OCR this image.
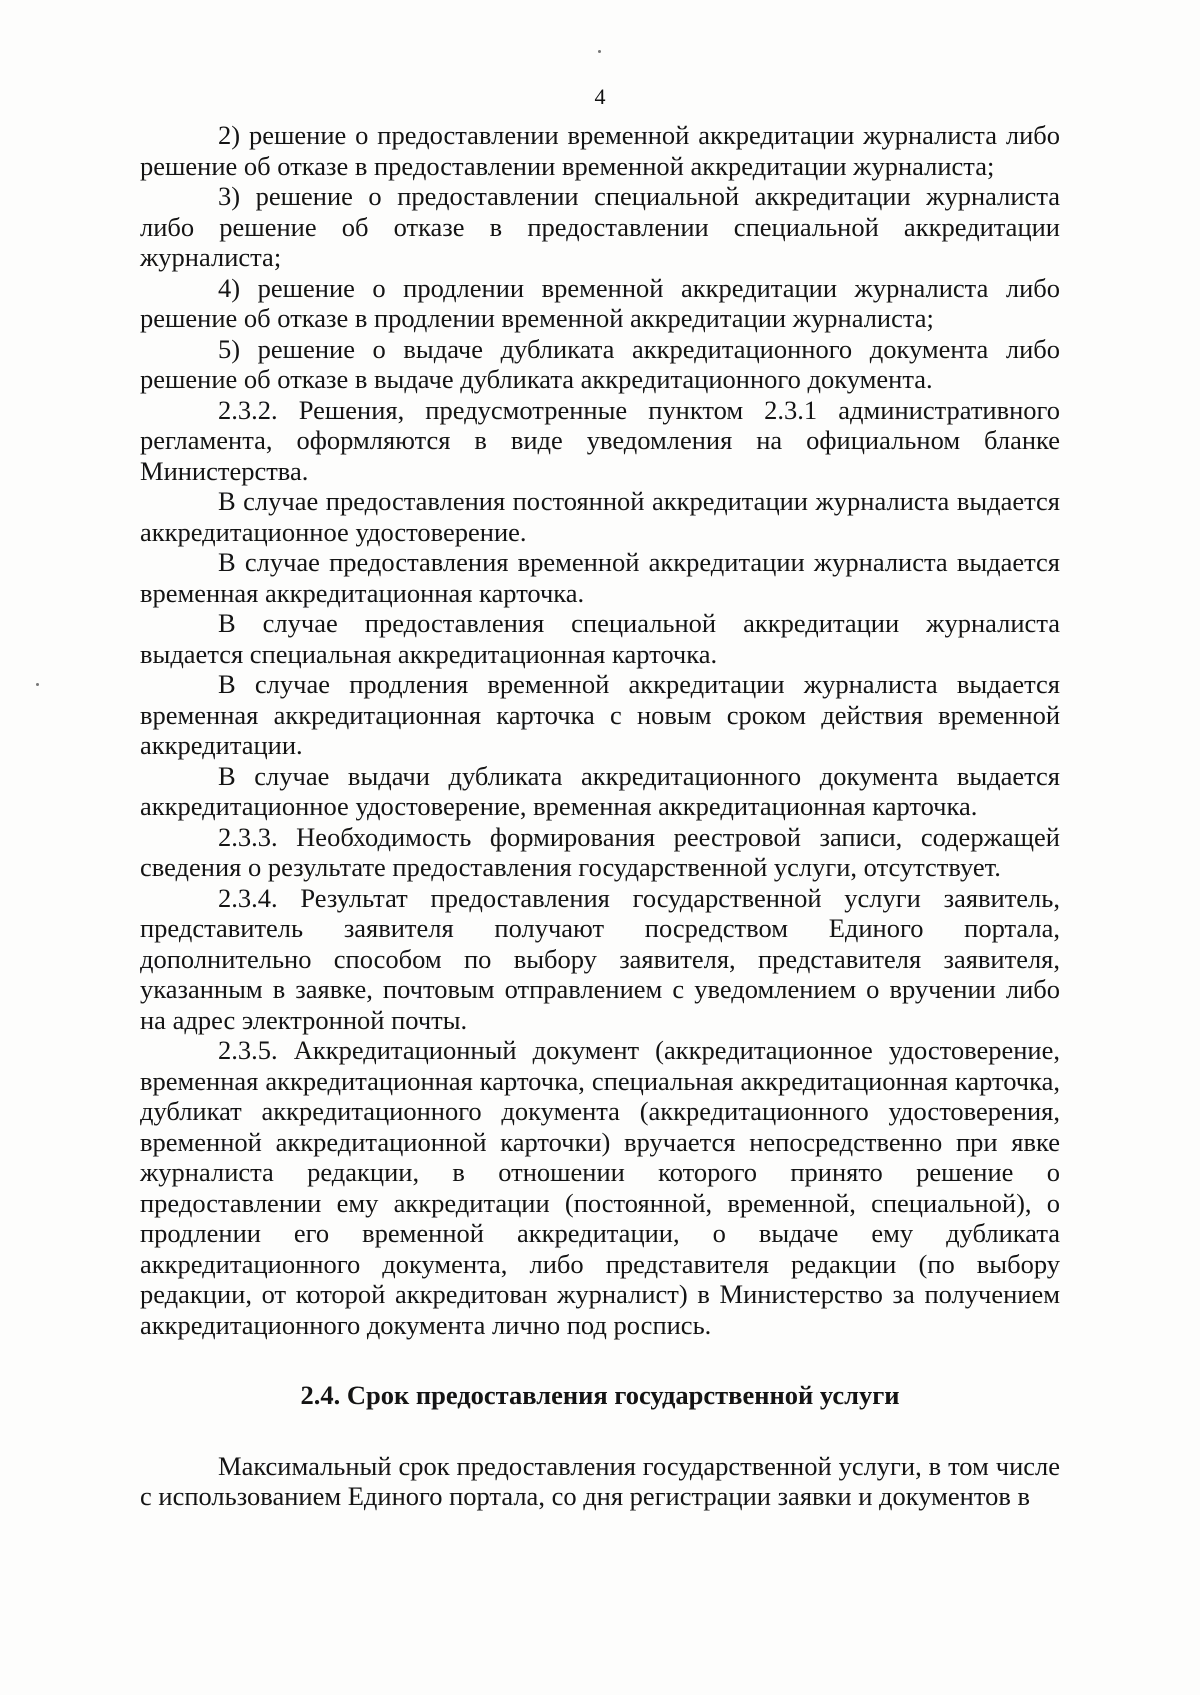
4

2) решение о предоставлении временной аккредитации журналиста либо решение об отказе в предоставлении временной аккредитации журналиста;

3) решение о предоставлении специальной аккредитации журналиста либо решение об отказе в предоставлении специальной аккредитации журналиста;

4) решение о продлении временной аккредитации журналиста либо решение об отказе в продлении временной аккредитации журналиста;

5) решение о выдаче дубликата аккредитационного документа либо решение об отказе в выдаче дубликата аккредитационного документа.

2.3.2. Решения, предусмотренные пунктом 2.3.1 административного регламента, оформляются в виде уведомления на официальном бланке Министерства.

В случае предоставления постоянной аккредитации журналиста выдается аккредитационное удостоверение.

В случае предоставления временной аккредитации журналиста выдается временная аккредитационная карточка.

В случае предоставления специальной аккредитации журналиста выдается специальная аккредитационная карточка.

В случае продления временной аккредитации журналиста выдается временная аккредитационная карточка с новым сроком действия временной аккредитации.

В случае выдачи дубликата аккредитационного документа выдается аккредитационное удостоверение, временная аккредитационная карточка.

2.3.3. Необходимость формирования реестровой записи, содержащей сведения о результате предоставления государственной услуги, отсутствует.

2.3.4. Результат предоставления государственной услуги заявитель, представитель заявителя получают посредством Единого портала, дополнительно способом по выбору заявителя, представителя заявителя, указанным в заявке, почтовым отправлением с уведомлением о вручении либо на адрес электронной почты.

2.3.5. Аккредитационный документ (аккредитационное удостоверение, временная аккредитационная карточка, специальная аккредитационная карточка, дубликат аккредитационного документа (аккредитационного удостоверения, временной аккредитационной карточки) вручается непосредственно при явке журналиста редакции, в отношении которого принято решение о предоставлении ему аккредитации (постоянной, временной, специальной), о продлении его временной аккредитации, о выдаче ему дубликата аккредитационного документа, либо представителя редакции (по выбору редакции, от которой аккредитован журналист) в Министерство за получением аккредитационного документа лично под роспись.

2.4. Срок предоставления государственной услуги

Максимальный срок предоставления государственной услуги, в том числе с использованием Единого портала, со дня регистрации заявки и документов в
